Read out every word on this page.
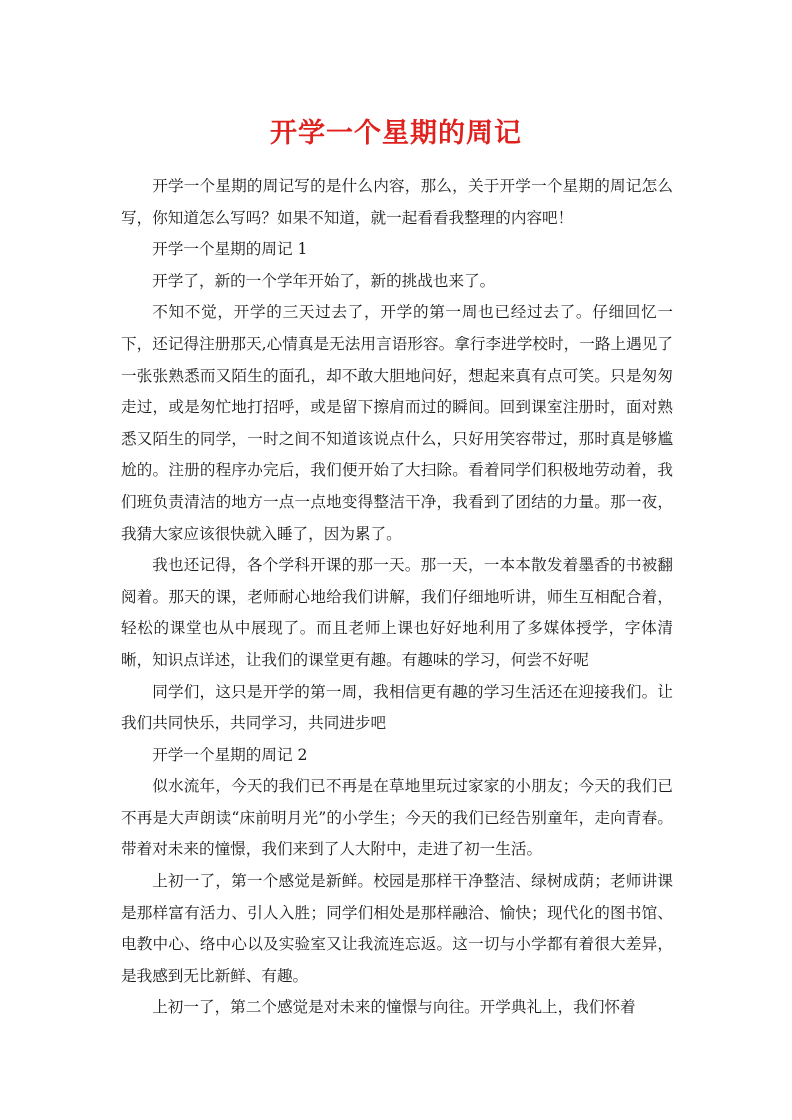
开学一个星期的周记

开学一个星期的周记写的是什么内容，那么，关于开学一个星期的周记怎么写，你知道怎么写吗？如果不知道，就一起看看我整理的内容吧！

开学一个星期的周记 1

开学了，新的一个学年开始了，新的挑战也来了。

不知不觉，开学的三天过去了，开学的第一周也已经过去了。仔细回忆一下，还记得注册那天,心情真是无法用言语形容。拿行李进学校时，一路上遇见了一张张熟悉而又陌生的面孔，却不敢大胆地问好，想起来真有点可笑。只是匆匆走过，或是匆忙地打招呼，或是留下擦肩而过的瞬间。回到课室注册时，面对熟悉又陌生的同学，一时之间不知道该说点什么，只好用笑容带过，那时真是够尴尬的。注册的程序办完后，我们便开始了大扫除。看着同学们积极地劳动着，我们班负责清洁的地方一点一点地变得整洁干净，我看到了团结的力量。那一夜，我猜大家应该很快就入睡了，因为累了。

我也还记得，各个学科开课的那一天。那一天，一本本散发着墨香的书被翻阅着。那天的课，老师耐心地给我们讲解，我们仔细地听讲，师生互相配合着，轻松的课堂也从中展现了。而且老师上课也好好地利用了多媒体授学，字体清晰，知识点详述，让我们的课堂更有趣。有趣味的学习，何尝不好呢

同学们，这只是开学的第一周，我相信更有趣的学习生活还在迎接我们。让我们共同快乐，共同学习，共同进步吧

开学一个星期的周记 2

似水流年，今天的我们已不再是在草地里玩过家家的小朋友；今天的我们已不再是大声朗读“床前明月光”的小学生；今天的我们已经告别童年，走向青春。带着对未来的憧憬，我们来到了人大附中，走进了初一生活。

上初一了，第一个感觉是新鲜。校园是那样干净整洁、绿树成荫；老师讲课是那样富有活力、引人入胜；同学们相处是那样融洽、愉快；现代化的图书馆、电教中心、络中心以及实验室又让我流连忘返。这一切与小学都有着很大差异，是我感到无比新鲜、有趣。

上初一了，第二个感觉是对未来的憧憬与向往。开学典礼上，我们怀着
